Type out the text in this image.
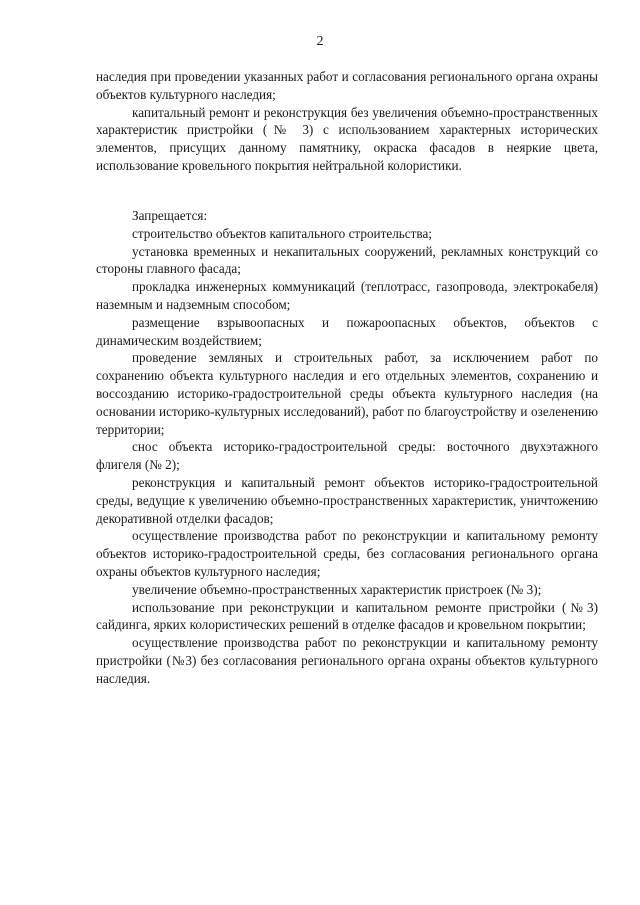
2

наследия при проведении указанных работ и согласования регионального органа охраны объектов культурного наследия;

капитальный ремонт и реконструкция без увеличения объемно-пространственных характеристик пристройки (№ 3) с использованием характерных исторических элементов, присущих данному памятнику, окраска фасадов в неяркие цвета, использование кровельного покрытия нейтральной колористики.

Запрещается:

строительство объектов капитального строительства;

установка временных и некапитальных сооружений, рекламных конструкций со стороны главного фасада;

прокладка инженерных коммуникаций (теплотрасс, газопровода, электрокабеля) наземным и надземным способом;

размещение взрывоопасных и пожароопасных объектов, объектов с динамическим воздействием;

проведение земляных и строительных работ, за исключением работ по сохранению объекта культурного наследия и его отдельных элементов, сохранению и воссозданию историко-градостроительной среды объекта культурного наследия (на основании историко-культурных исследований), работ по благоустройству и озеленению территории;

снос объекта историко-градостроительной среды: восточного двухэтажного флигеля (№ 2);

реконструкция и капитальный ремонт объектов историко-градостроительной среды, ведущие к увеличению объемно-пространственных характеристик, уничтожению декоративной отделки фасадов;

осуществление производства работ по реконструкции и капитальному ремонту объектов историко-градостроительной среды, без согласования регионального органа охраны объектов культурного наследия;

увеличение объемно-пространственных характеристик пристроек (№ 3);

использование при реконструкции и капитальном ремонте пристройки (№3) сайдинга, ярких колористических решений в отделке фасадов и кровельном покрытии;

осуществление производства работ по реконструкции и капитальному ремонту пристройки (№3) без согласования регионального органа охраны объектов культурного наследия.
